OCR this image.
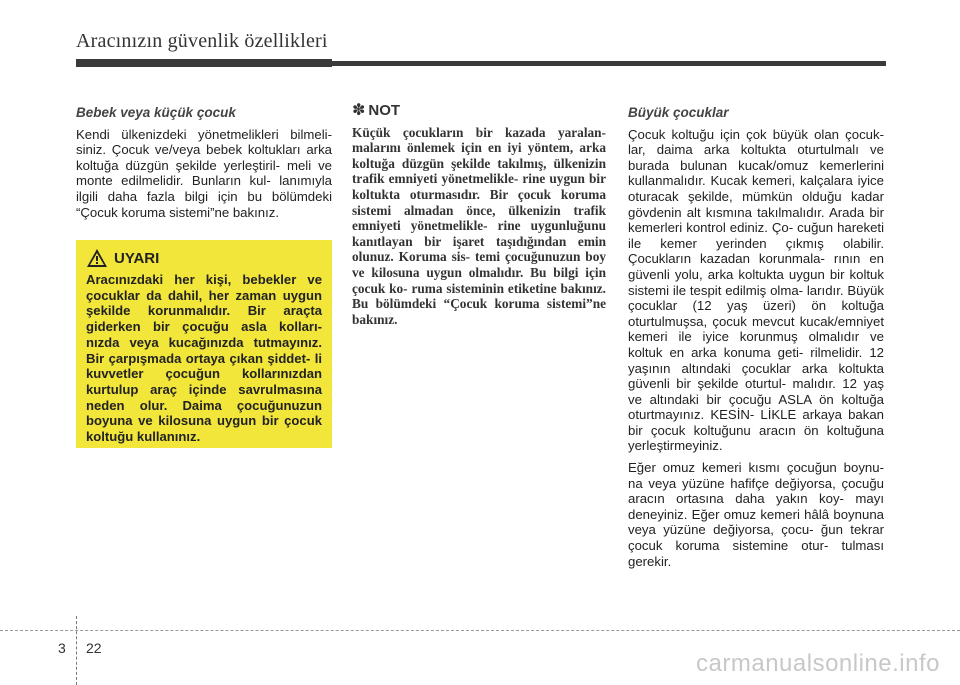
Aracınızın güvenlik özellikleri
Bebek veya küçük çocuk

Kendi ülkenizdeki yönetmelikleri bilmeli- siniz. Çocuk ve/veya bebek koltukları arka koltuğa düzgün şekilde yerleştiril- meli ve monte edilmelidir. Bunların kul- lanımıyla ilgili daha fazla bilgi için bu bölümdeki “Çocuk koruma sistemi”ne bakınız.

UYARI
Aracınızdaki her kişi, bebekler ve çocuklar da dahil, her zaman uygun şekilde korunmalıdır. Bir araçta giderken bir çocuğu asla kolları- nızda veya kucağınızda tutmayınız. Bir çarpışmada ortaya çıkan şiddet- li kuvvetler çocuğun kollarınızdan kurtulup araç içinde savrulmasına neden olur. Daima çocuğunuzun boyuna ve kilosuna uygun bir çocuk koltuğu kullanınız.
✽ NOT
Küçük çocukların bir kazada yaralan- malarını önlemek için en iyi yöntem, arka koltuğa düzgün şekilde takılmış, ülkenizin trafik emniyeti yönetmelikle- rine uygun bir koltukta oturmasıdır. Bir çocuk koruma sistemi almadan önce, ülkenizin trafik emniyeti yönetmelikle- rine uygunluğunu kanıtlayan bir işaret taşıdığından emin olunuz. Koruma sis- temi çocuğunuzun boy ve kilosuna uygun olmalıdır. Bu bilgi için çocuk ko- ruma sisteminin etiketine bakınız. Bu bölümdeki “Çocuk koruma sistemi”ne bakınız.
Büyük çocuklar

Çocuk koltuğu için çok büyük olan çocuk- lar, daima arka koltukta oturtulmalı ve burada bulunan kucak/omuz kemerlerini kullanmalıdır. Kucak kemeri, kalçalara iyice oturacak şekilde, mümkün olduğu kadar gövdenin alt kısmına takılmalıdır. Arada bir kemerleri kontrol ediniz. Ço- cuğun hareketi ile kemer yerinden çıkmış olabilir. Çocukların kazadan korunmala- rının en güvenli yolu, arka koltukta uygun bir koltuk sistemi ile tespit edilmiş olma- larıdır. Büyük çocuklar (12 yaş üzeri) ön koltuğa oturtulmuşsa, çocuk mevcut kucak/emniyet kemeri ile iyice korunmuş olmalıdır ve koltuk en arka konuma geti- rilmelidir. 12 yaşının altındaki çocuklar arka koltukta güvenli bir şekilde oturtul- malıdır. 12 yaş ve altındaki bir çocuğu ASLA ön koltuğa oturtmayınız. KESİN- LİKLE arkaya bakan bir çocuk koltuğunu aracın ön koltuğuna yerleştirmeyiniz.

Eğer omuz kemeri kısmı çocuğun boynu- na veya yüzüne hafifçe değiyorsa, çocuğu aracın ortasına daha yakın koy- mayı deneyiniz. Eğer omuz kemeri hâlâ boynuna veya yüzüne değiyorsa, çocu- ğun tekrar çocuk koruma sistemine otur- tulması gerekir.

3 22
carmanualsonline.info
